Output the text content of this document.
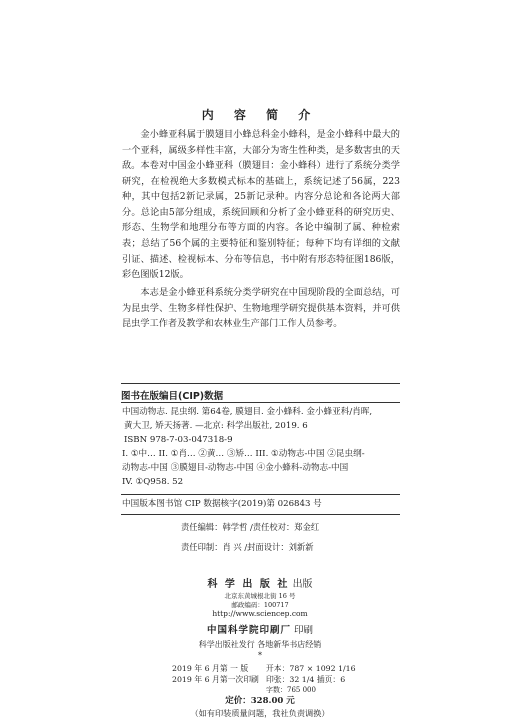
内 容 简 介

金小蜂亚科属于膜翅目小蜂总科金小蜂科，是金小蜂科中最大的一个亚科，属级多样性丰富，大部分为寄生性种类，是多数害虫的天敌。 本卷对中国金小蜂亚科（膜翅目：金小蜂科）进行了系统分类学研究，在检视绝大多数模式标本的基础上，系统记述了56属，223种，其中包括2新记录属，25新记录种。内容分总论和各论两大部分。总论由5部分组成，系统回顾和分析了金小蜂亚科的研究历史、形态、生物学和地理分布等方面的内容。各论中编制了属、种检索表；总结了56个属的主要特征和鉴别特征；每种下均有详细的文献引证、描述、检视标本、分布等信息，书中附有形态特征图186版，彩色图版12版。

本志是金小蜂亚科系统分类学研究在中国现阶段的全面总结，可为昆虫学、生物多样性保护、生物地理学研究提供基本资料，并可供昆虫学工作者及教学和农林业生产部门工作人员参考。

图书在版编目(CIP)数据
中国动物志. 昆虫纲. 第64卷, 膜翅目. 金小蜂科. 金小蜂亚科/肖晖,
黄大卫, 矫天扬著. —北京: 科学出版社, 2019. 6
ISBN 978-7-03-047318-9
I. ①中… II. ①肖… ②黄… ③矫… III. ①动物志-中国 ②昆虫纲-
动物志-中国 ③膜翅目-动物志-中国 ④金小蜂科-动物志-中国
IV. ①Q958. 52
中国版本图书馆 CIP 数据核字(2019)第 026843 号
责任编辑：韩学哲 /责任校对：郑金红
责任印制：肖 兴 /封面设计：刘新新
科 学 出 版 社 出版
北京东黄城根北街 16 号
邮政编码：100717
http://www.sciencep.com
中国科学院印刷厂 印刷
科学出版社发行 各地新华书店经销
*
2019 年 6 月第 一 版 开本：787 × 1092 1/16
2019 年 6 月第一次印刷 印张：32 1/4 插页：6
字数：765 000
定价：328.00 元
（如有印装质量问题，我社负责调换）
